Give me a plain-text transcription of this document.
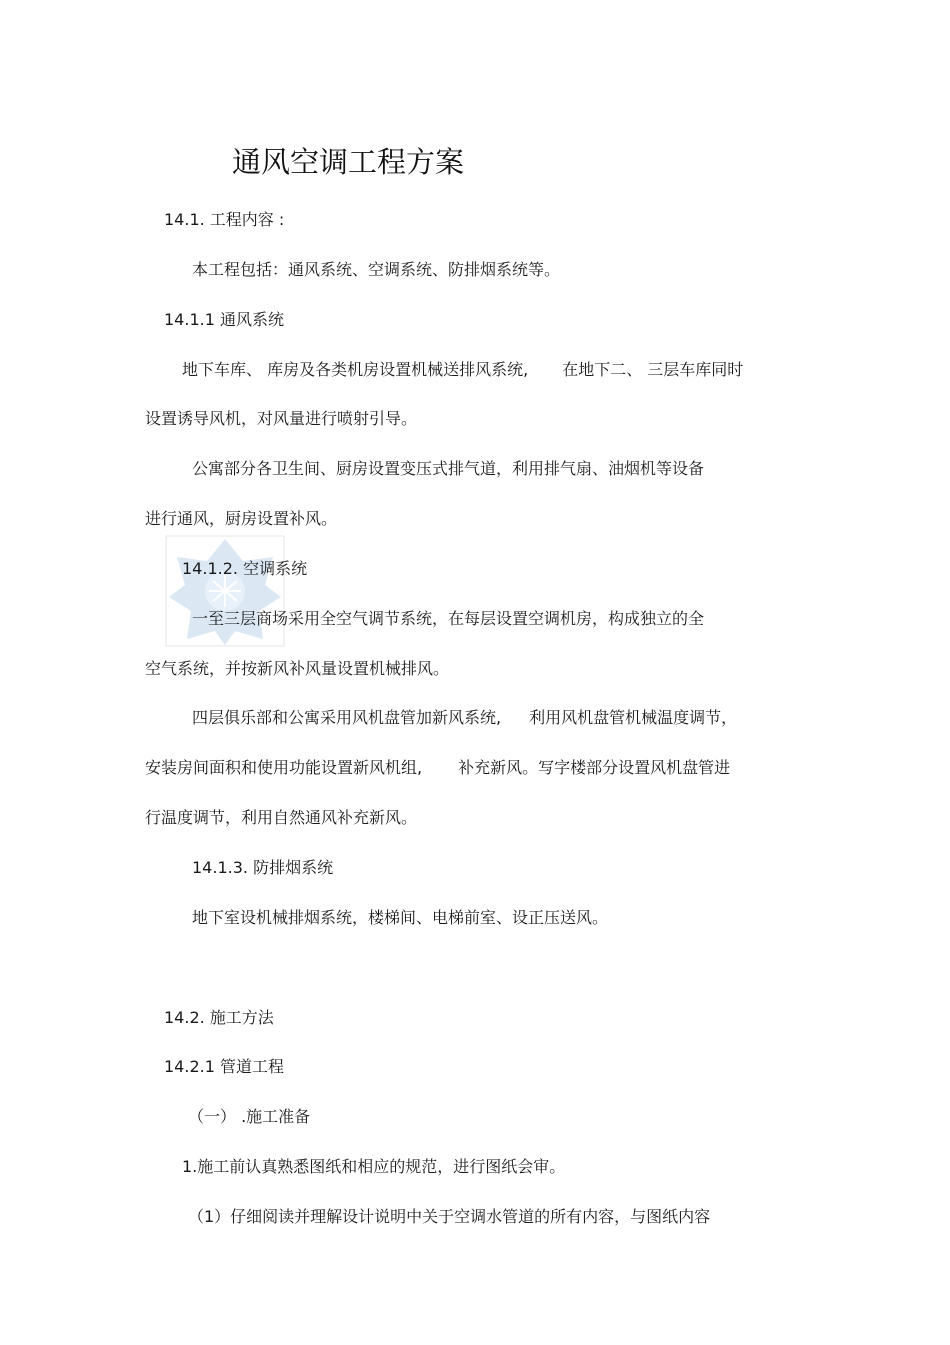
通风空调工程方案
14.1. 工程内容 :
本工程包括：通风系统、空调系统、防排烟系统等。
14.1.1 通风系统
地下车库、 库房及各类机房设置机械送排风系统, 在地下二、 三层车库同时
设置诱导风机，对风量进行喷射引导。
公寓部分各卫生间、厨房设置变压式排气道，利用排气扇、油烟机等设备
进行通风，厨房设置补风。
14.1.2. 空调系统
一至三层商场采用全空气调节系统，在每层设置空调机房，构成独立的全
空气系统，并按新风补风量设置机械排风。
四层俱乐部和公寓采用风机盘管加新风系统, 利用风机盘管机械温度调节，
安装房间面积和使用功能设置新风机组, 补充新风。写字楼部分设置风机盘管进
行温度调节，利用自然通风补充新风。
14.1.3. 防排烟系统
地下室设机械排烟系统，楼梯间、电梯前室、设正压送风。
14.2. 施工方法
14.2.1 管道工程
（一） .施工准备
1.施工前认真熟悉图纸和相应的规范，进行图纸会审。
（1）仔细阅读并理解设计说明中关于空调水管道的所有内容，与图纸内容
